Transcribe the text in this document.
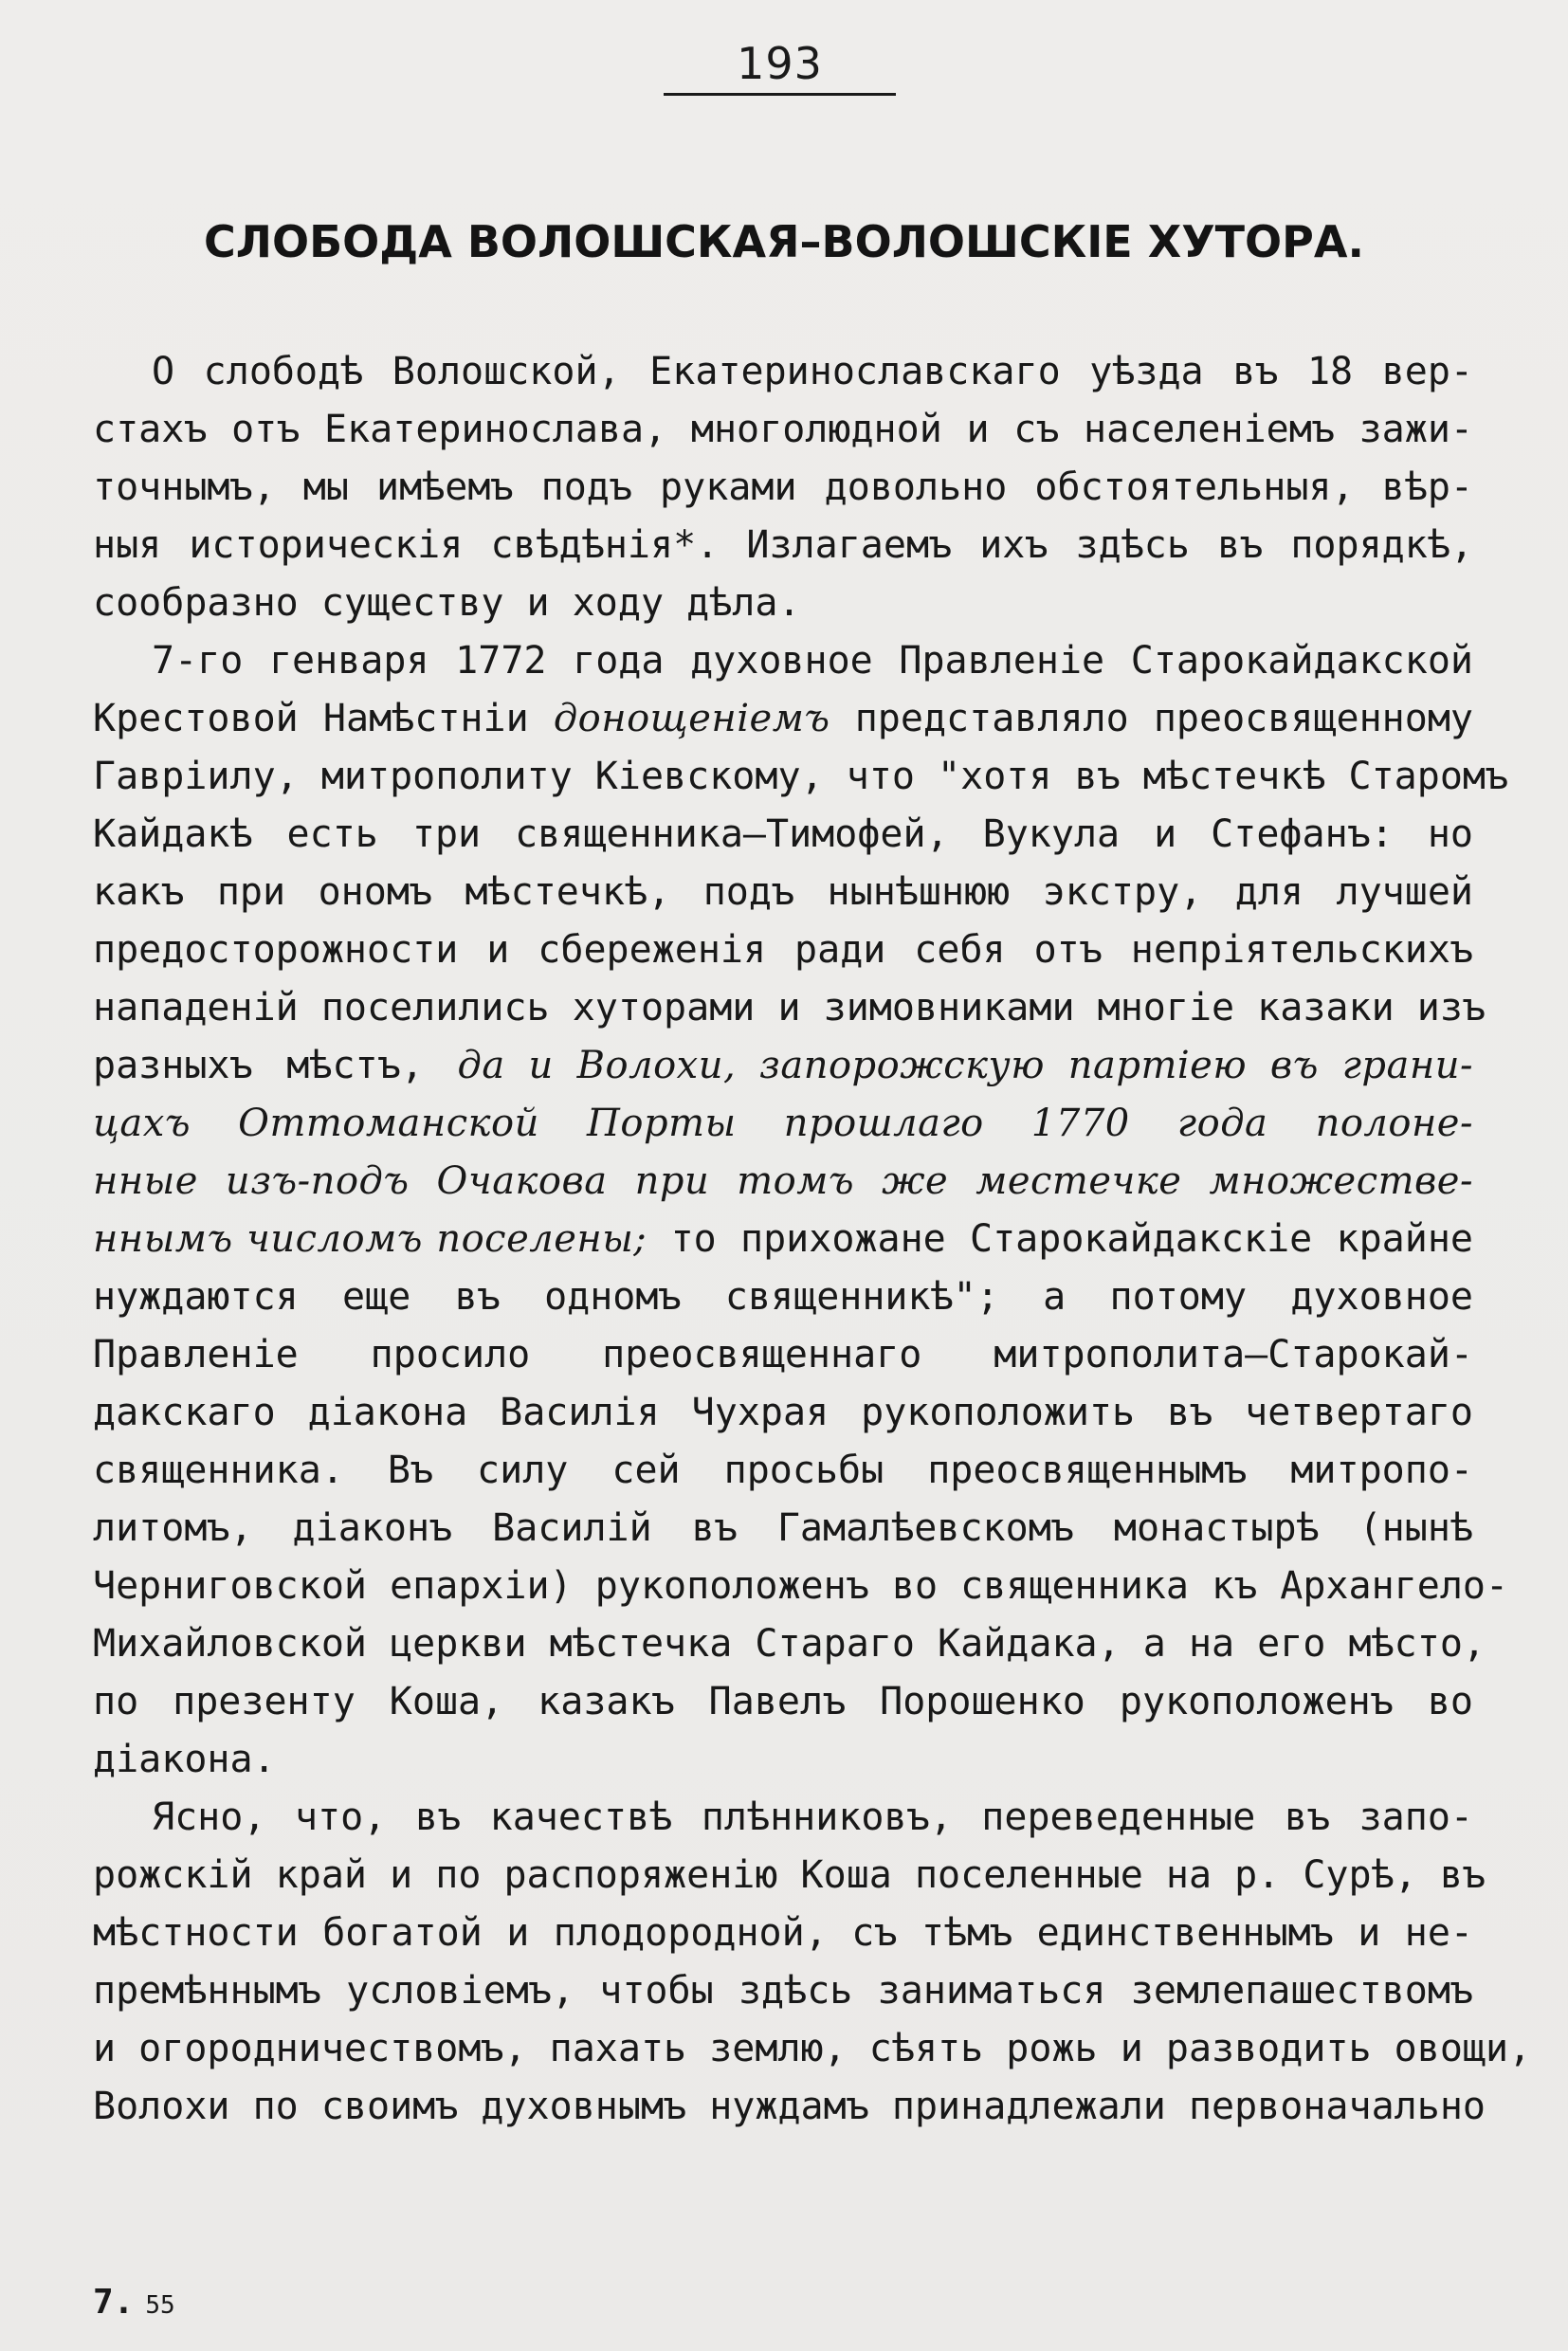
193
СЛОБОДА ВОЛОШСКАЯ–ВОЛОШСКІЕ ХУТОРА.
О слободѣ Волошской, Екатеринославскаго уѣзда въ 18 вер-
стахъ отъ Екатеринослава, многолюдной и съ населеніемъ зажи-
точнымъ, мы имѣемъ подъ руками довольно обстоятельныя, вѣр-
ныя историческія свѣдѣнія*. Излагаемъ ихъ здѣсь въ порядкѣ,
сообразно существу и ходу дѣла.
7-го генваря 1772 года духовное Правленіе Старокайдакской
Крестовой Намѣстніи донощеніемъ представляло преосвященному
Гавріилу, митрополиту Кіевскому, что "хотя въ мѣстечкѣ Старомъ
Кайдакѣ есть три священника—Тимофей, Вукула и Стефанъ: но
какъ при ономъ мѣстечкѣ, подъ нынѣшнюю экстру, для лучшей
предосторожности и сбереженія ради себя отъ непріятельскихъ
нападеній поселились хуторами и зимовниками многіе казаки изъ
разныхъ мѣстъ, да и Волохи, запорожскую партіею въ грани-
цахъ Оттоманской Порты прошлаго 1770 года полоне-
нные изъ-подъ Очакова при томъ же местечке множестве-
ннымъ числомъ поселены; то прихожане Старокайдакскіе крайне
нуждаются еще въ одномъ священникѣ"; а потому духовное
Правленіе просило преосвященнаго митрополита—Старокай-
дакскаго діакона Василія Чухрая рукоположить въ четвертаго
священника. Въ силу сей просьбы преосвященнымъ митропо-
литомъ, діаконъ Василій въ Гамалѣевскомъ монастырѣ (нынѣ
Черниговской епархіи) рукоположенъ во священника къ Архангело-
Михайловской церкви мѣстечка Стараго Кайдака, а на его мѣсто,
по презенту Коша, казакъ Павелъ Порошенко рукоположенъ во
діакона.
Ясно, что, въ качествѣ плѣнниковъ, переведенные въ запо-
рожскій край и по распоряженію Коша поселенные на р. Сурѣ, въ
мѣстности богатой и плодородной, съ тѣмъ единственнымъ и не-
премѣннымъ условіемъ, чтобы здѣсь заниматься землепашествомъ
и огородничествомъ, пахать землю, сѣять рожь и разводить овощи,
Волохи по своимъ духовнымъ нуждамъ принадлежали первоначально
7. 55
